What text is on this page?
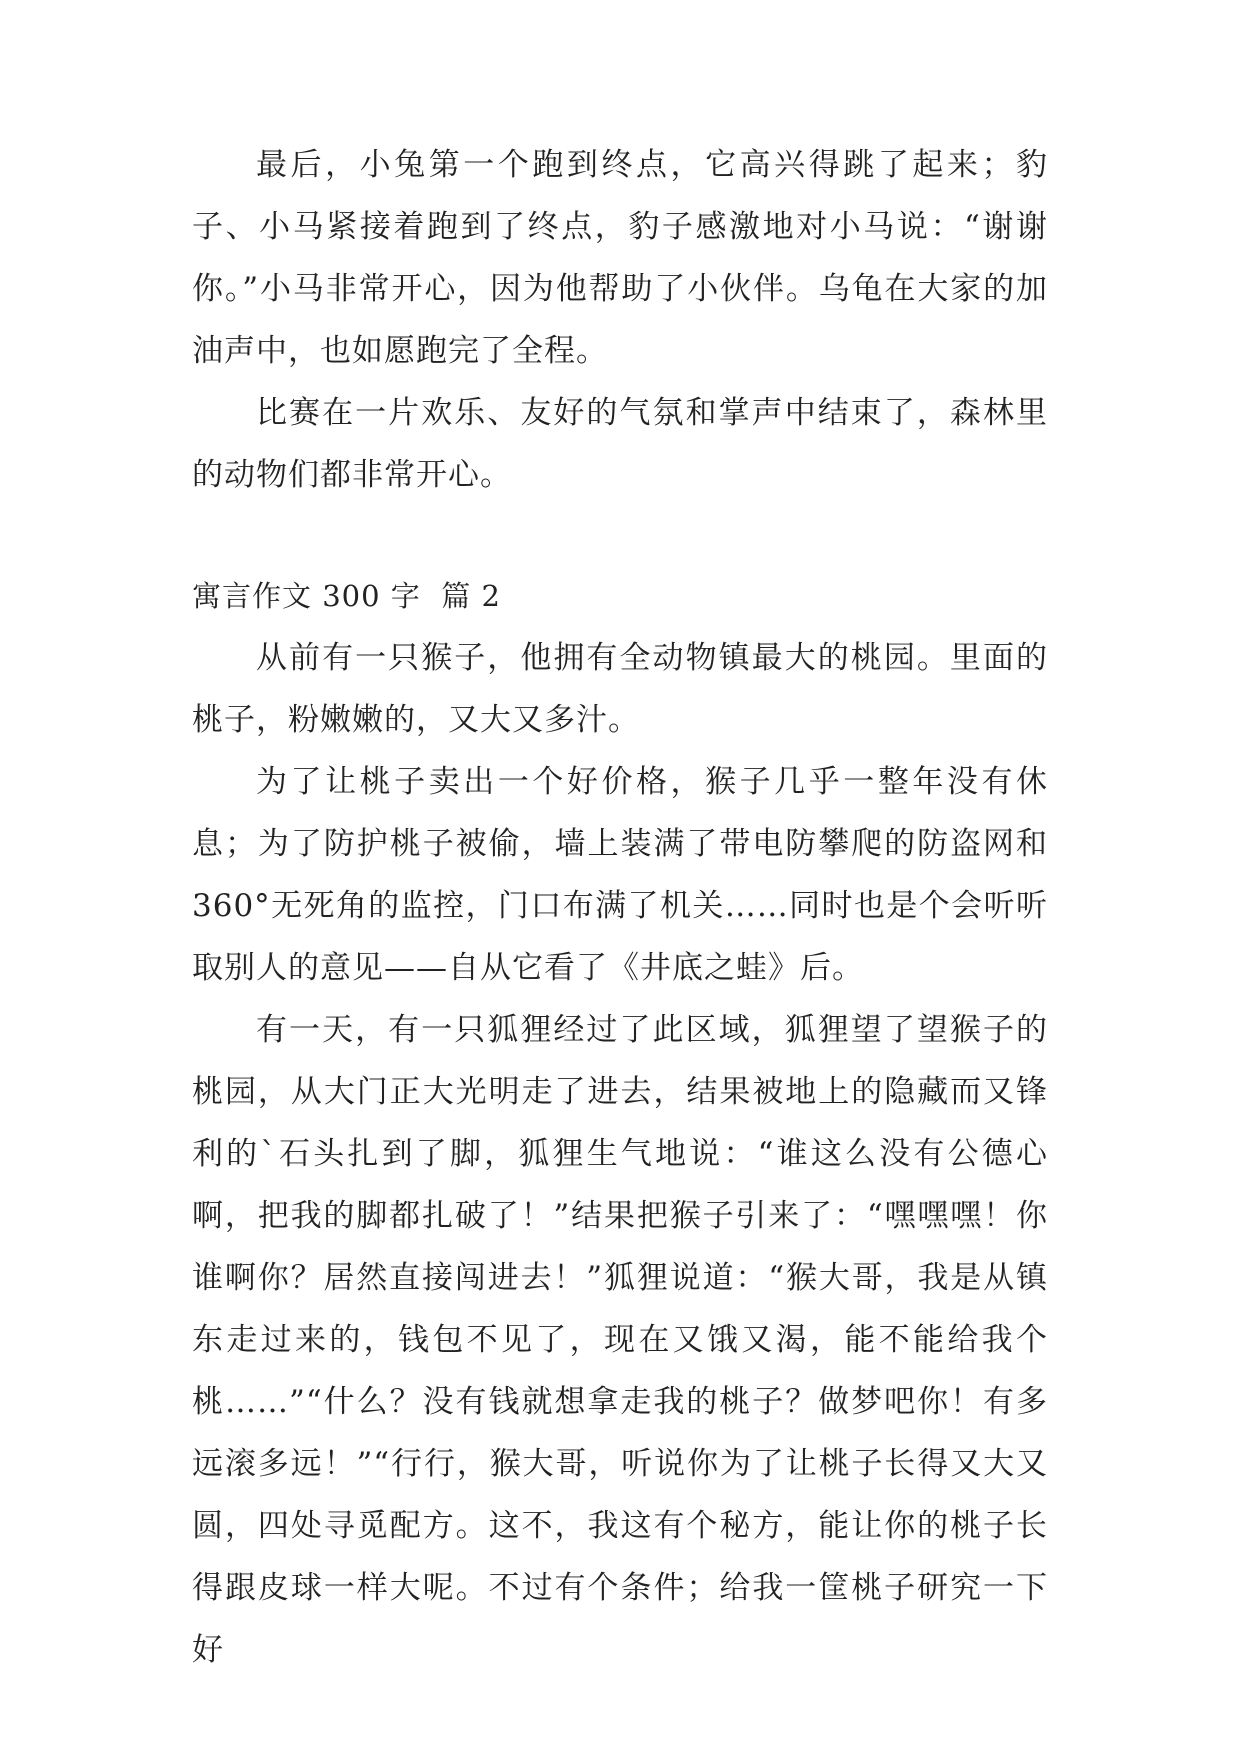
最后，小兔第一个跑到终点，它高兴得跳了起来；豹子、小马紧接着跑到了终点，豹子感激地对小马说：“谢谢你。”小马非常开心，因为他帮助了小伙伴。乌龟在大家的加油声中，也如愿跑完了全程。

比赛在一片欢乐、友好的气氛和掌声中结束了，森林里的动物们都非常开心。

寓言作文 300 字  篇 2

从前有一只猴子，他拥有全动物镇最大的桃园。里面的桃子，粉嫩嫩的，又大又多汁。

为了让桃子卖出一个好价格，猴子几乎一整年没有休息；为了防护桃子被偷，墙上装满了带电防攀爬的防盗网和 360°无死角的监控，门口布满了机关……同时也是个会听听取别人的意见——自从它看了《井底之蛙》后。

有一天，有一只狐狸经过了此区域，狐狸望了望猴子的桃园，从大门正大光明走了进去，结果被地上的隐藏而又锋利的`石头扎到了脚，狐狸生气地说：“谁这么没有公德心啊，把我的脚都扎破了！”结果把猴子引来了：“嘿嘿嘿！你谁啊你？居然直接闯进去！”狐狸说道：“猴大哥，我是从镇东走过来的，钱包不见了，现在又饿又渴，能不能给我个桃……”“什么？没有钱就想拿走我的桃子？做梦吧你！有多远滚多远！”“行行，猴大哥，听说你为了让桃子长得又大又圆，四处寻觅配方。这不，我这有个秘方，能让你的桃子长得跟皮球一样大呢。不过有个条件；给我一筐桃子研究一下好
